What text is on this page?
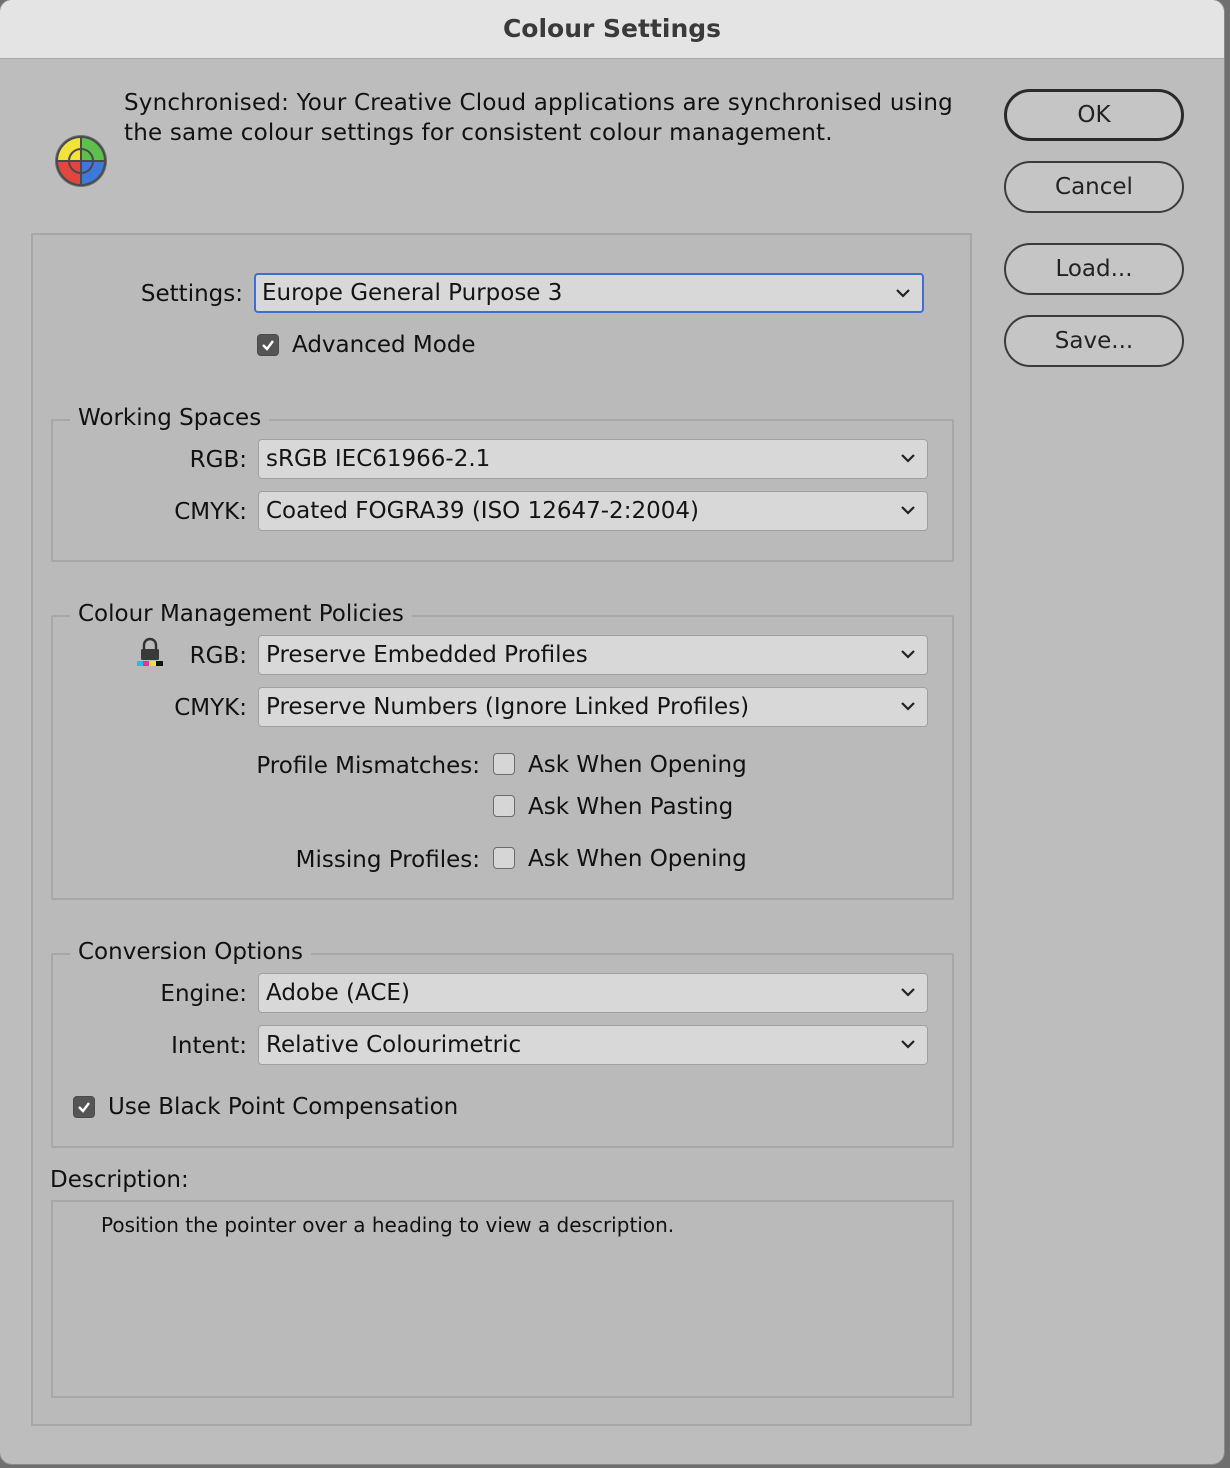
Colour Settings
Synchronised: Your Creative Cloud applications are synchronised using the same colour settings for consistent colour management.
OK
Cancel
Load...
Save...
Settings: Europe General Purpose 3
Advanced Mode
Working Spaces
RGB: sRGB IEC61966-2.1
CMYK: Coated FOGRA39 (ISO 12647-2:2004)
Colour Management Policies
RGB: Preserve Embedded Profiles
CMYK: Preserve Numbers (Ignore Linked Profiles)
Profile Mismatches: Ask When Opening
Ask When Pasting
Missing Profiles: Ask When Opening
Conversion Options
Engine: Adobe (ACE)
Intent: Relative Colourimetric
Use Black Point Compensation
Description:
Position the pointer over a heading to view a description.
